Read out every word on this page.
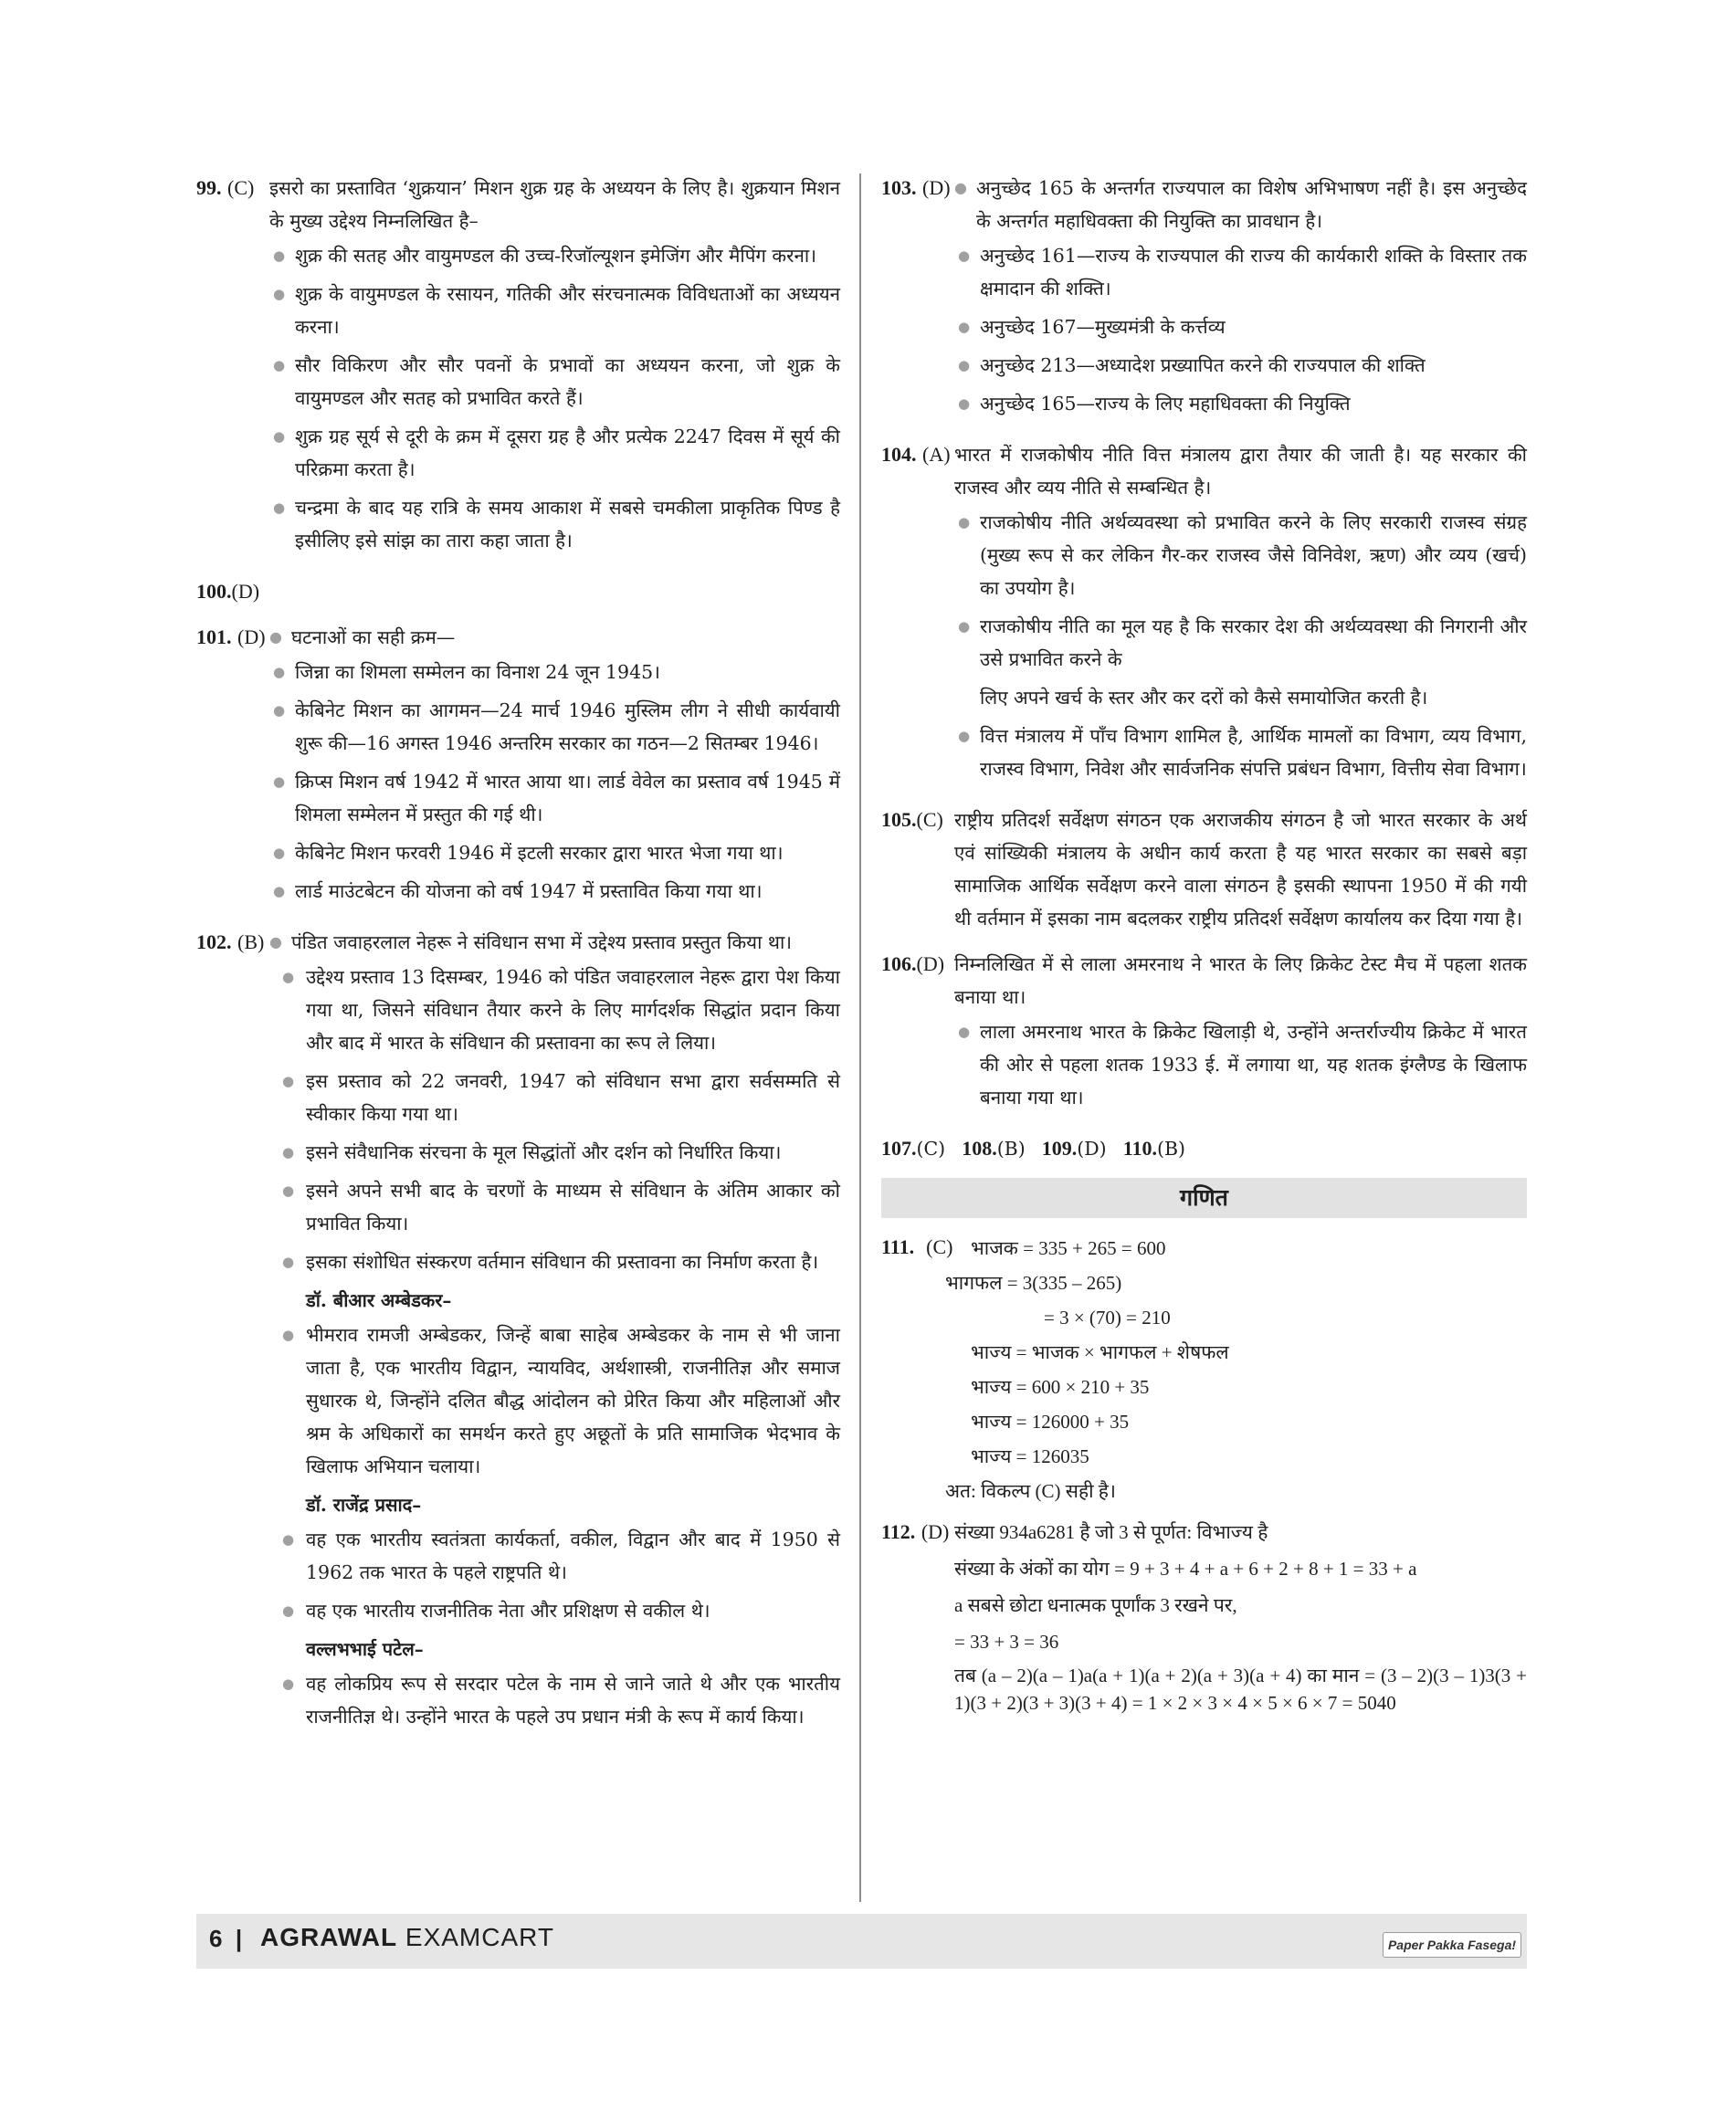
99. (C) इसरो का प्रस्तावित ‘शुक्रयान’ मिशन शुक्र ग्रह के अध्ययन के लिए है। शुक्रयान मिशन के मुख्य उद्देश्य निम्नलिखित है–
● शुक्र की सतह और वायुमण्डल की उच्च-रिजॉल्यूशन इमेजिंग और मैपिंग करना।
● शुक्र के वायुमण्डल के रसायन, गतिकी और संरचनात्मक विविधताओं का अध्ययन करना।
● सौर विकिरण और सौर पवनों के प्रभावों का अध्ययन करना, जो शुक्र के वायुमण्डल और सतह को प्रभावित करते हैं।
● शुक्र ग्रह सूर्य से दूरी के क्रम में दूसरा ग्रह है और प्रत्येक 2247 दिवस में सूर्य की परिक्रमा करता है।
● चन्द्रमा के बाद यह रात्रि के समय आकाश में सबसे चमकीला प्राकृतिक पिण्ड है इसीलिए इसे सांझ का तारा कहा जाता है।
100.(D)
101. (D) ● घटनाओं का सही क्रम—
● जिन्ना का शिमला सम्मेलन का विनाश 24 जून 1945।
● केबिनेट मिशन का आगमन—24 मार्च 1946 मुस्लिम लीग ने सीधी कार्यवायी शुरू की—16 अगस्त 1946 अन्तरिम सरकार का गठन—2 सितम्बर 1946।
● क्रिप्स मिशन वर्ष 1942 में भारत आया था। लार्ड वेवेल का प्रस्ताव वर्ष 1945 में शिमला सम्मेलन में प्रस्तुत की गई थी।
● केबिनेट मिशन फरवरी 1946 में इटली सरकार द्वारा भारत भेजा गया था।
● लार्ड माउंटबेटन की योजना को वर्ष 1947 में प्रस्तावित किया गया था।
102. (B) ● पंडित जवाहरलाल नेहरू ने संविधान सभा में उद्देश्य प्रस्ताव प्रस्तुत किया था।
● उद्देश्य प्रस्ताव 13 दिसम्बर, 1946 को पंडित जवाहरलाल नेहरू द्वारा पेश किया गया था, जिसने संविधान तैयार करने के लिए मार्गदर्शक सिद्धांत प्रदान किया और बाद में भारत के संविधान की प्रस्तावना का रूप ले लिया।
● इस प्रस्ताव को 22 जनवरी, 1947 को संविधान सभा द्वारा सर्वसम्मति से स्वीकार किया गया था।
● इसने संवैधानिक संरचना के मूल सिद्धांतों और दर्शन को निर्धारित किया।
● इसने अपने सभी बाद के चरणों के माध्यम से संविधान के अंतिम आकार को प्रभावित किया।
● इसका संशोधित संस्करण वर्तमान संविधान की प्रस्तावना का निर्माण करता है।
डॉ. बीआर अम्बेडकर–
● भीमराव रामजी अम्बेडकर, जिन्हें बाबा साहेब अम्बेडकर के नाम से भी जाना जाता है, एक भारतीय विद्वान, न्यायविद, अर्थशास्त्री, राजनीतिज्ञ और समाज सुधारक थे, जिन्होंने दलित बौद्ध आंदोलन को प्रेरित किया और महिलाओं और श्रम के अधिकारों का समर्थन करते हुए अछूतों के प्रति सामाजिक भेदभाव के खिलाफ अभियान चलाया।
डॉ. राजेंद्र प्रसाद–
● वह एक भारतीय स्वतंत्रता कार्यकर्ता, वकील, विद्वान और बाद में 1950 से 1962 तक भारत के पहले राष्ट्रपति थे।
● वह एक भारतीय राजनीतिक नेता और प्रशिक्षण से वकील थे।
वल्लभभाई पटेल–
● वह लोकप्रिय रूप से सरदार पटेल के नाम से जाने जाते थे और एक भारतीय राजनीतिज्ञ थे। उन्होंने भारत के पहले उप प्रधान मंत्री के रूप में कार्य किया।
103. (D) ● अनुच्छेद 165 के अन्तर्गत राज्यपाल का विशेष अभिभाषण नहीं है। इस अनुच्छेद के अन्तर्गत महाधिवक्ता की नियुक्ति का प्रावधान है।
● अनुच्छेद 161—राज्य के राज्यपाल की राज्य की कार्यकारी शक्ति के विस्तार तक क्षमादान की शक्ति।
● अनुच्छेद 167—मुख्यमंत्री के कर्त्तव्य
● अनुच्छेद 213—अध्यादेश प्रख्यापित करने की राज्यपाल की शक्ति
● अनुच्छेद 165—राज्य के लिए महाधिवक्ता की नियुक्ति
104. (A) भारत में राजकोषीय नीति वित्त मंत्रालय द्वारा तैयार की जाती है। यह सरकार की राजस्व और व्यय नीति से सम्बन्धित है।
● राजकोषीय नीति अर्थव्यवस्था को प्रभावित करने के लिए सरकारी राजस्व संग्रह (मुख्य रूप से कर लेकिन गैर-कर राजस्व जैसे विनिवेश, ऋण) और व्यय (खर्च) का उपयोग है।
● राजकोषीय नीति का मूल यह है कि सरकार देश की अर्थव्यवस्था की निगरानी और उसे प्रभावित करने के
लिए अपने खर्च के स्तर और कर दरों को कैसे समायोजित करती है।
● वित्त मंत्रालय में पाँच विभाग शामिल है, आर्थिक मामलों का विभाग, व्यय विभाग, राजस्व विभाग, निवेश और सार्वजनिक संपत्ति प्रबंधन विभाग, वित्तीय सेवा विभाग।
105.(C) राष्ट्रीय प्रतिदर्श सर्वेक्षण संगठन एक अराजकीय संगठन है जो भारत सरकार के अर्थ एवं सांख्यिकी मंत्रालय के अधीन कार्य करता है यह भारत सरकार का सबसे बड़ा सामाजिक आर्थिक सर्वेक्षण करने वाला संगठन है इसकी स्थापना 1950 में की गयी थी वर्तमान में इसका नाम बदलकर राष्ट्रीय प्रतिदर्श सर्वेक्षण कार्यालय कर दिया गया है।
106.(D) निम्नलिखित में से लाला अमरनाथ ने भारत के लिए क्रिकेट टेस्ट मैच में पहला शतक बनाया था।
● लाला अमरनाथ भारत के क्रिकेट खिलाड़ी थे, उन्होंने अन्तर्राज्यीय क्रिकेट में भारत की ओर से पहला शतक 1933 ई. में लगाया था, यह शतक इंग्लैण्ड के खिलाफ बनाया गया था।
107.(C) 108.(B) 109.(D) 110.(B)
गणित
111. (C) भाजक = 335 + 265 = 600
भागफल = 3(335 – 265)
= 3 × (70) = 210
भाज्य = भाजक × भागफल + शेषफल
भाज्य = 600 × 210 + 35
भाज्य = 126000 + 35
भाज्य = 126035
अत: विकल्प (C) सही है।
112. (D) संख्या 934a6281 है जो 3 से पूर्णत: विभाज्य है
संख्या के अंकों का योग = 9 + 3 + 4 + a + 6 + 2 + 8 + 1 = 33 + a
a सबसे छोटा धनात्मक पूर्णांक 3 रखने पर,
= 33 + 3 = 36
तब (a – 2)(a – 1)a(a + 1)(a + 2)(a + 3)(a + 4) का मान = (3 – 2)(3 – 1)3(3 + 1)(3 + 2)(3 + 3)(3 + 4) = 1 × 2 × 3 × 4 × 5 × 6 × 7 = 5040
6 | AGRAWAL EXAMCART	Paper Pakka Fasega!
